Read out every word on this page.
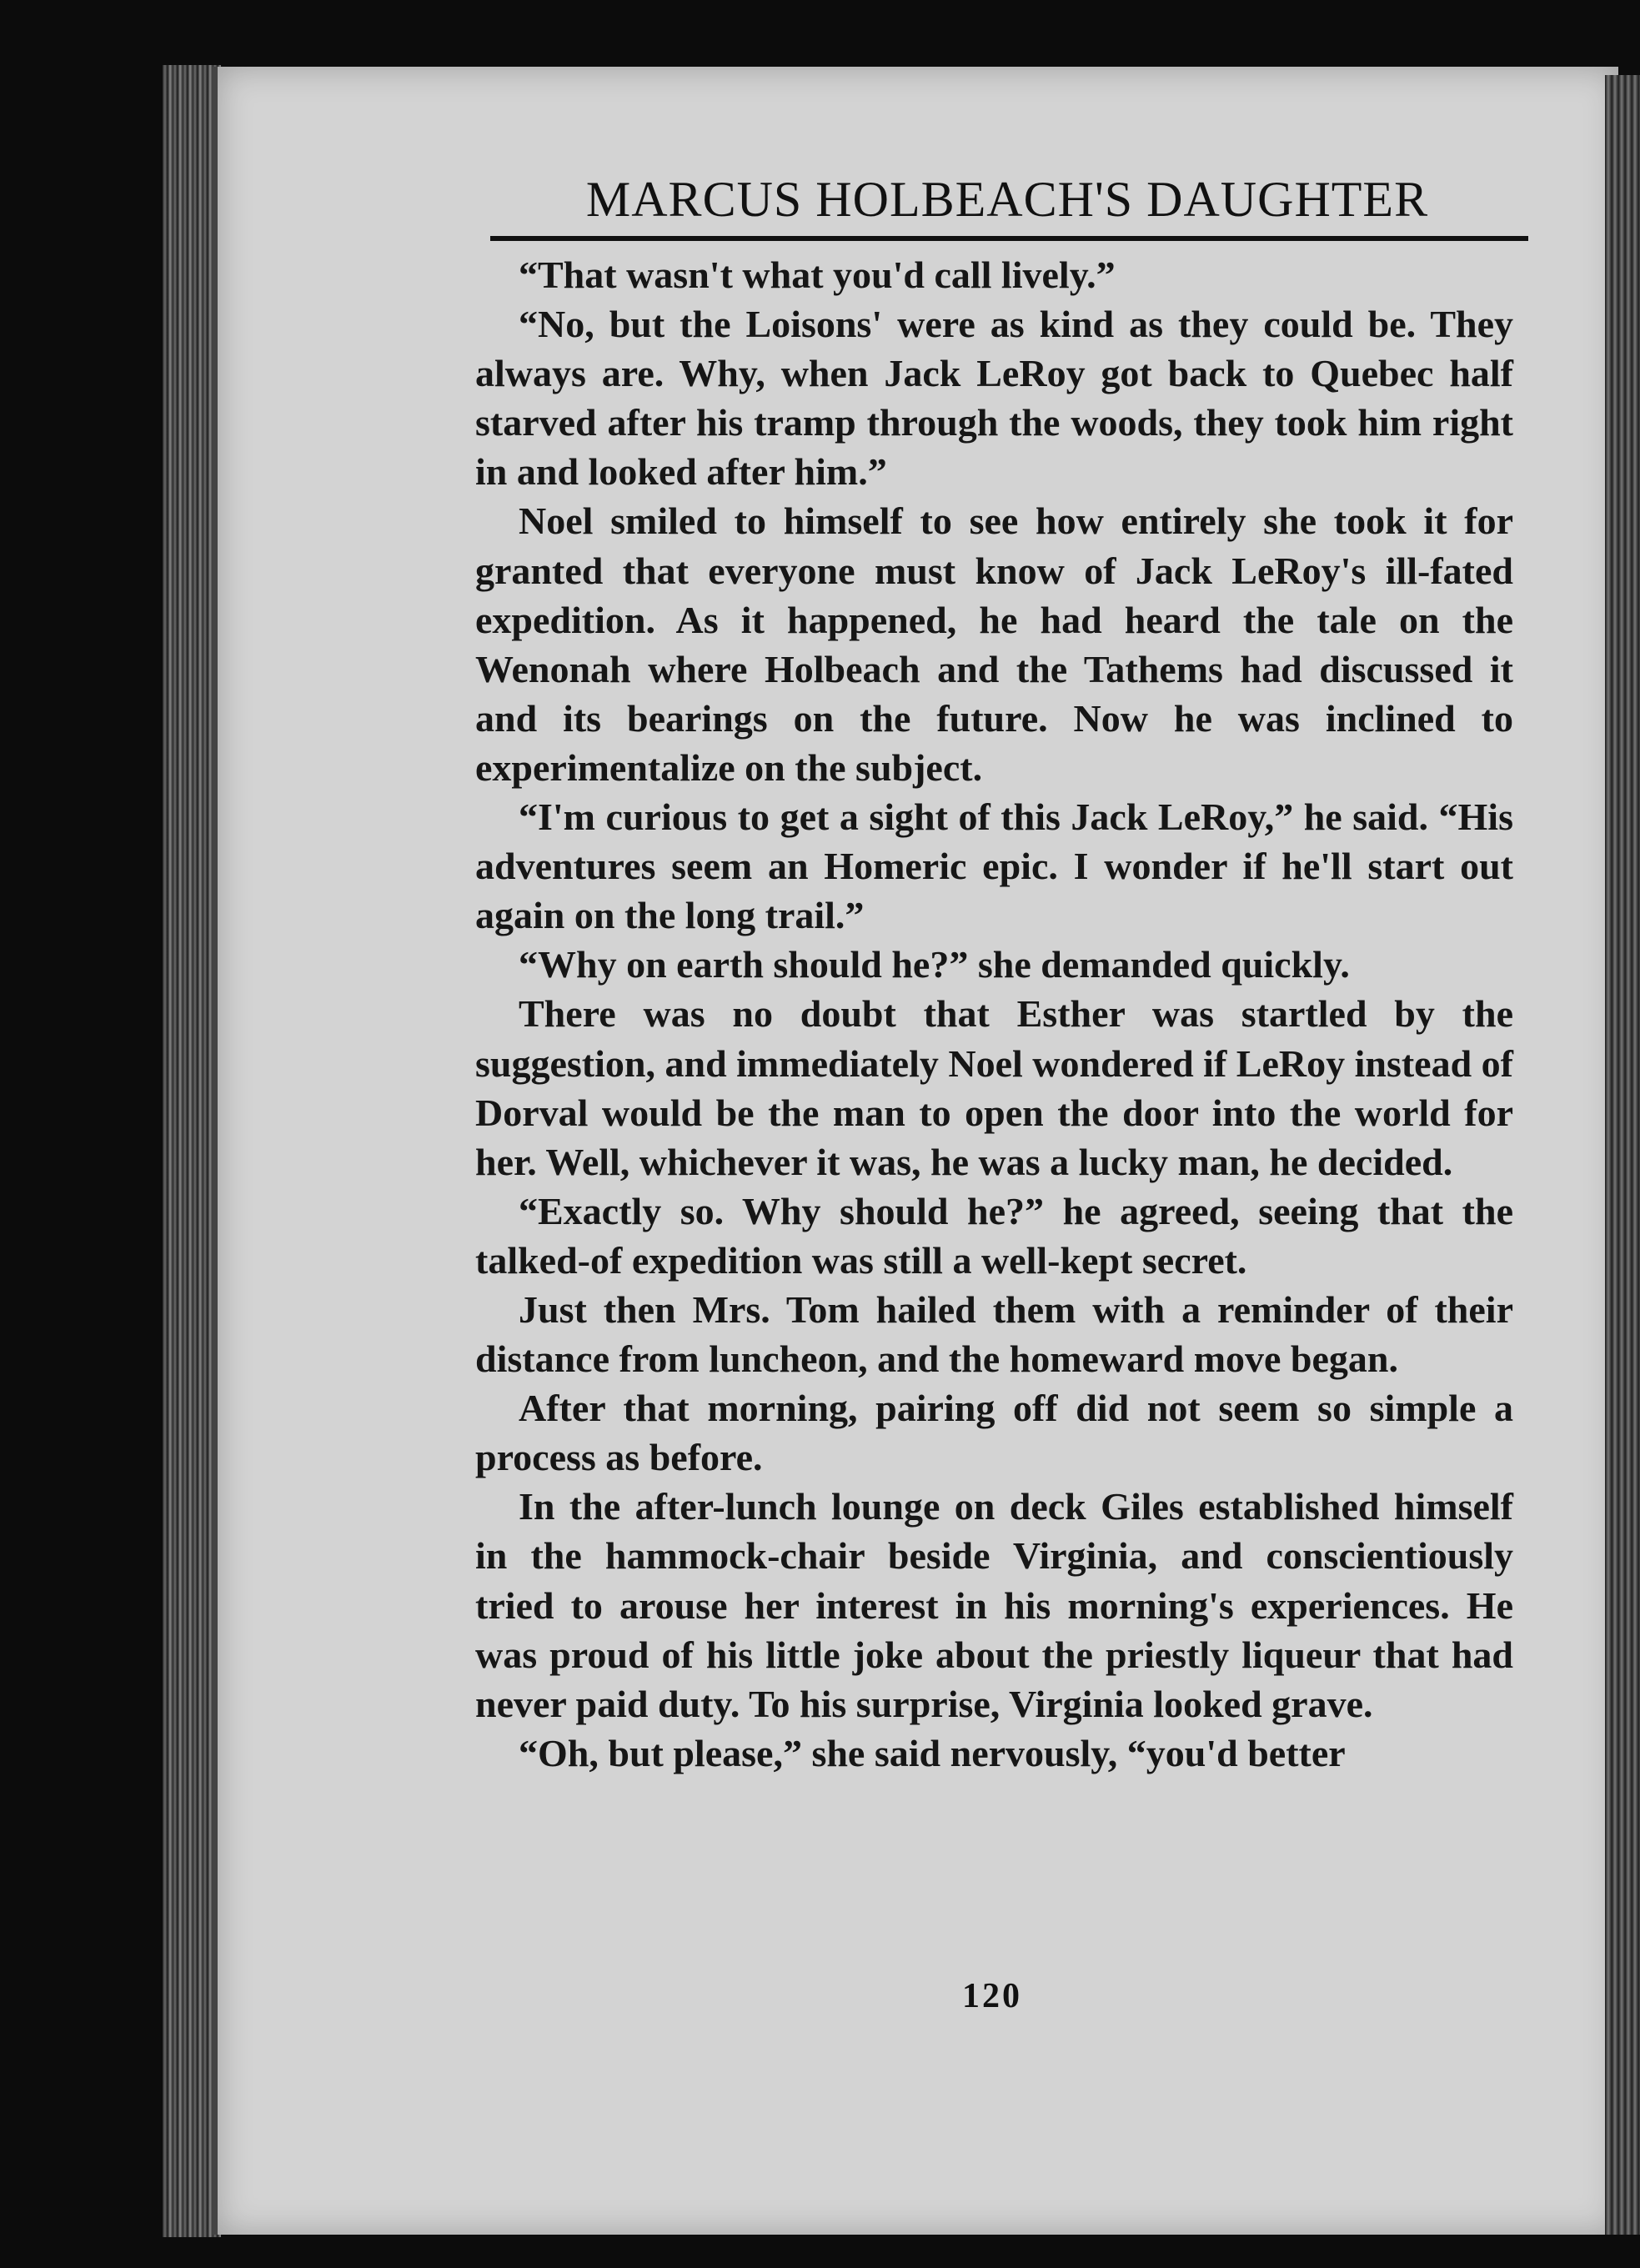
MARCUS HOLBEACH'S DAUGHTER

“That wasn't what you'd call lively.”

“No, but the Loisons' were as kind as they could be. They always are. Why, when Jack LeRoy got back to Quebec half starved after his tramp through the woods, they took him right in and looked after him.”

Noel smiled to himself to see how entirely she took it for granted that everyone must know of Jack LeRoy's ill-fated expedition. As it happened, he had heard the tale on the Wenonah where Holbeach and the Tathems had discussed it and its bearings on the future. Now he was inclined to experimentalize on the subject.

“I'm curious to get a sight of this Jack LeRoy,” he said. “His adventures seem an Homeric epic. I wonder if he'll start out again on the long trail.”

“Why on earth should he?” she demanded quickly.

There was no doubt that Esther was startled by the suggestion, and immediately Noel wondered if LeRoy instead of Dorval would be the man to open the door into the world for her. Well, whichever it was, he was a lucky man, he decided.

“Exactly so. Why should he?” he agreed, seeing that the talked-of expedition was still a well-kept secret.

Just then Mrs. Tom hailed them with a reminder of their distance from luncheon, and the homeward move began.

After that morning, pairing off did not seem so simple a process as before.

In the after-lunch lounge on deck Giles established himself in the hammock-chair beside Virginia, and conscientiously tried to arouse her interest in his morning's experiences. He was proud of his little joke about the priestly liqueur that had never paid duty. To his surprise, Virginia looked grave.

“Oh, but please,” she said nervously, “you'd better

120
